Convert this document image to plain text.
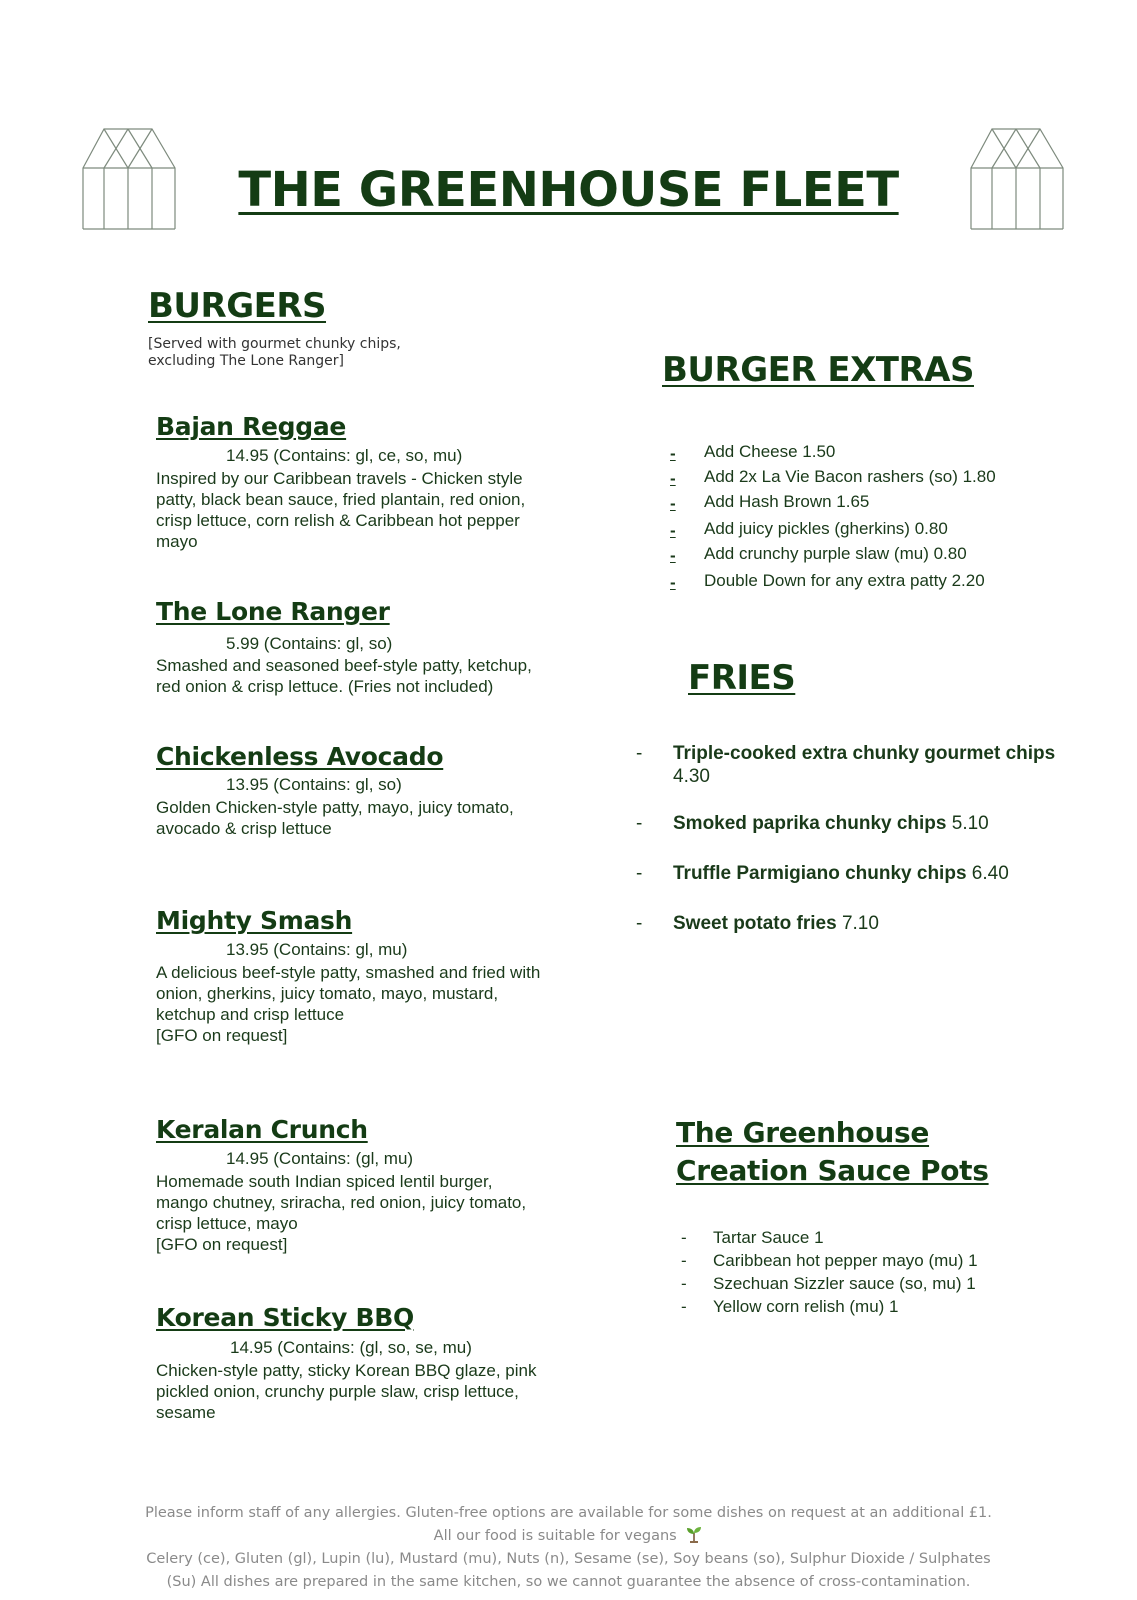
THE GREENHOUSE FLEET
BURGERS
[Served with gourmet chunky chips,
excluding The Lone Ranger]
Bajan Reggae
14.95 (Contains: gl, ce, so, mu)
Inspired by our Caribbean travels - Chicken style patty, black bean sauce, fried plantain, red onion, crisp lettuce, corn relish & Caribbean hot pepper mayo
The Lone Ranger
5.99 (Contains: gl, so)
Smashed and seasoned beef-style patty, ketchup, red onion & crisp lettuce. (Fries not included)
Chickenless Avocado
13.95 (Contains: gl, so)
Golden Chicken-style patty, mayo, juicy tomato, avocado & crisp lettuce
Mighty Smash
13.95 (Contains: gl, mu)
A delicious beef-style patty, smashed and fried with onion, gherkins, juicy tomato, mayo, mustard, ketchup and crisp lettuce
[GFO on request]
Keralan Crunch
14.95 (Contains: (gl, mu)
Homemade south Indian spiced lentil burger, mango chutney, sriracha, red onion, juicy tomato, crisp lettuce, mayo
[GFO on request]
Korean Sticky BBQ
14.95 (Contains: (gl, so, se, mu)
Chicken-style patty, sticky Korean BBQ glaze, pink pickled onion, crunchy purple slaw, crisp lettuce, sesame
BURGER EXTRAS
- Add Cheese 1.50
- Add 2x La Vie Bacon rashers (so) 1.80
- Add Hash Brown 1.65
- Add juicy pickles (gherkins) 0.80
- Add crunchy purple slaw (mu) 0.80
- Double Down for any extra patty 2.20
FRIES
- Triple-cooked extra chunky gourmet chips
4.30
- Smoked paprika chunky chips 5.10
- Truffle Parmigiano chunky chips 6.40
- Sweet potato fries 7.10
The Greenhouse
Creation Sauce Pots
- Tartar Sauce 1
- Caribbean hot pepper mayo (mu) 1
- Szechuan Sizzler sauce (so, mu) 1
- Yellow corn relish (mu) 1
Please inform staff of any allergies. Gluten-free options are available for some dishes on request at an additional £1.
All our food is suitable for vegans
Celery (ce), Gluten (gl), Lupin (lu), Mustard (mu), Nuts (n), Sesame (se), Soy beans (so), Sulphur Dioxide / Sulphates
(Su) All dishes are prepared in the same kitchen, so we cannot guarantee the absence of cross-contamination.
